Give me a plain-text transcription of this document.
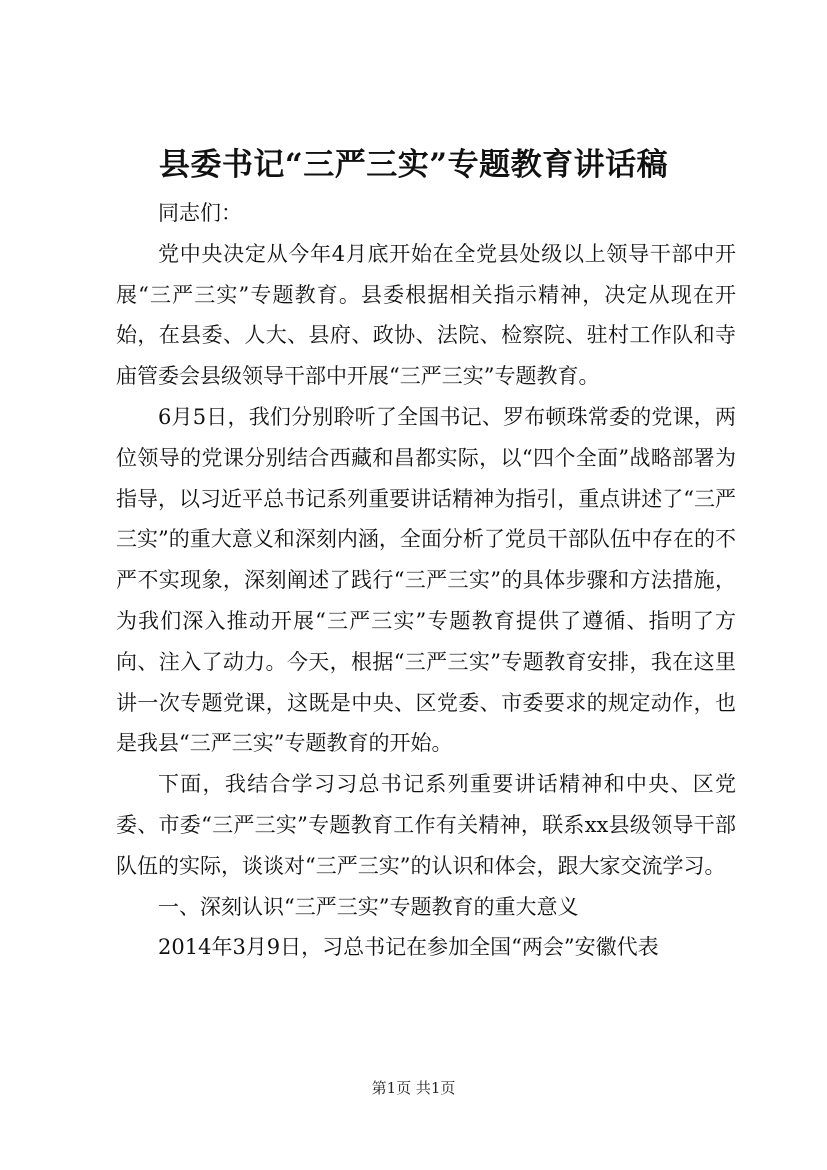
县委书记“三严三实”专题教育讲话稿

同志们：

党中央决定从今年4月底开始在全党县处级以上领导干部中开展“三严三实”专题教育。县委根据相关指示精神，决定从现在开始，在县委、人大、县府、政协、法院、检察院、驻村工作队和寺庙管委会县级领导干部中开展“三严三实”专题教育。

6月5日，我们分别聆听了全国书记、罗布顿珠常委的党课，两位领导的党课分别结合西藏和昌都实际，以“四个全面”战略部署为指导，以习近平总书记系列重要讲话精神为指引，重点讲述了“三严三实”的重大意义和深刻内涵，全面分析了党员干部队伍中存在的不严不实现象，深刻阐述了践行“三严三实”的具体步骤和方法措施，为我们深入推动开展“三严三实”专题教育提供了遵循、指明了方向、注入了动力。今天，根据“三严三实”专题教育安排，我在这里讲一次专题党课，这既是中央、区党委、市委要求的规定动作，也是我县“三严三实”专题教育的开始。

下面，我结合学习习总书记系列重要讲话精神和中央、区党委、市委“三严三实”专题教育工作有关精神，联系xx县级领导干部队伍的实际，谈谈对“三严三实”的认识和体会，跟大家交流学习。

一、深刻认识“三严三实”专题教育的重大意义

2014年3月9日，习总书记在参加全国“两会”安徽代表

第1页 共1页
